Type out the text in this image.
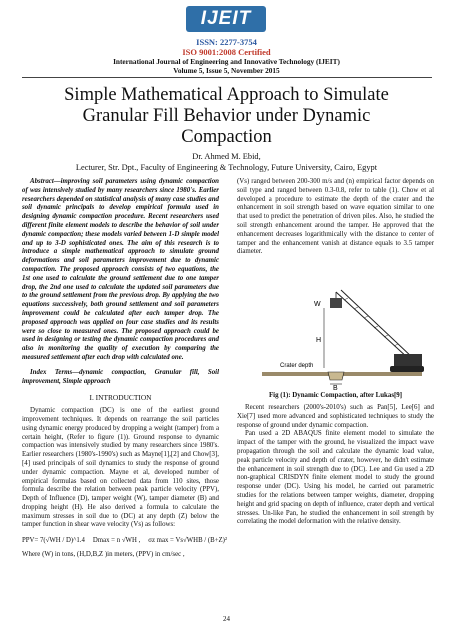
IJEIT
ISSN: 2277-3754
ISO 9001:2008 Certified
International Journal of Engineering and Innovative Technology (IJEIT)
Volume 5, Issue 5, November 2015
Simple Mathematical Approach to Simulate Granular Fill Behavior under Dynamic Compaction
Dr. Ahmed M. Ebid,
Lecturer, Str. Dpt., Faculty of Engineering & Technology, Future University, Cairo, Egypt

Abstract—improving soil parameters using dynamic compaction of was intensively studied by many researchers since 1980's. Earlier researchers depended on statistical analysis of many case studies and soil dynamic principals to develop empirical formula used in designing dynamic compaction procedure. Recent researchers used different finite element models to describe the behavior of soil under dynamic compaction; these models varied between 1-D simple model and up to 3-D sophisticated ones. The aim of this research is to introduce a simple mathematical approach to simulate ground deformations and soil parameters improvement due to dynamic compaction. The proposed approach consists of two equations, the 1st one used to calculate the ground settlement due to one tamper drop, the 2nd one used to calculate the updated soil parameters due to the ground settlement from the previous drop. By applying the two equations successively, both ground settlement and soil parameters improvement could be calculated after each tamper drop. The proposed approach was applied on four case studies and its results were so close to measured ones. The proposed approach could be used in designing or testing the dynamic compaction procedures and also in monitoring the quality of execution by comparing the measured settlement after each drop with calculated one.

Index Terms—dynamic compaction, Granular fill, Soil improvement, Simple approach

I. INTRODUCTION

Dynamic compaction (DC) is one of the earliest ground improvement techniques. It depends on rearrange the soil particles using dynamic energy produced by dropping a weight (tamper) from a certain height, (Refer to figure (1)). Ground response to dynamic compaction was intensively studied by many researchers since 1980's. Earlier researchers (1980's-1990's) such as Mayne[1],[2] and Chow[3],[4] used principals of soil dynamics to study the response of ground under dynamic compaction. Mayne et al, developed number of empirical formulas based on collected data from 110 sites, those formula describe the relation between peak particle velocity (PPV), Depth of Influence (D), tamper weight (W), tamper diameter (B) and dropping height (H). He also derived a formula to calculate the maximum stresses in soil due to (DC) at any depth (Z) below the tamper function in shear wave velocity (Vs) as follows:

PPV= 7(√WH / D)^1.4 Dmax = n √WH , σz max = Vs√WHB / (B+Z)²

Where (W) in tons, (H,D,B,Z )in meters, (PPV) in cm/sec ,

(Vs) ranged between 200-300 m/s and (n) empirical factor depends on soil type and ranged between 0.3-0.8, refer to table (1). Chow et al developed a procedure to estimate the depth of the crater and the enhancement in soil strength based on wave equation similar to one that used to predict the penetration of driven piles. Also, he studied the soil strength enhancement around the tamper. He approved that the enhancement decreases logarithmically with the distance to center of tamper and the enhancement vanish at distance equals to 3.5 tamper diameter.

W
H
Crater depth
B
Fig (1): Dynamic Compaction, after Lukas[9]

Recent researchers (2000's-2010's) such as Pan[5], Lee[6] and Xie[7] used more advanced and sophisticated techniques to study the response of ground under dynamic compaction.

Pan used a 2D ABAQUS finite element model to simulate the impact of the tamper with the ground, he visualized the impact wave propagation through the soil and calculate the dynamic load value, peak particle velocity and depth of crater, however, he didn't estimate the enhancement in soil strength due to (DC). Lee and Gu used a 2D non-graphical CRISDYN finite element model to study the ground response under (DC). Using his model, he carried out parametric studies for the relations between tamper weights, diameter, dropping height and grid spacing on depth of influence, crater depth and vertical stresses. Un-like Pan, he studied the enhancement in soil strength by correlating the model deformation with the relative density.

24
